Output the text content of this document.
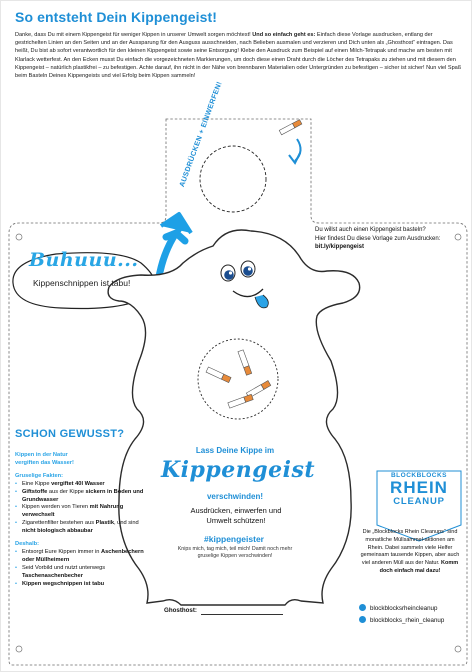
So entsteht Dein Kippengeist!
Danke, dass Du mit einem Kippengeist für weniger Kippen in unserer Umwelt sorgen möchtest! Und so einfach geht es: Einfach diese Vorlage ausdrucken, entlang der gestrichelten Linien an den Seiten und an der Aussparung für den Ausguss ausschneiden, nach Belieben ausmalen und verzieren und Dich unten als „Ghosthost“ eintragen. Das heißt, Du bist ab sofort verantwortlich für den kleinen Kippengeist sowie seine Entsorgung! Klebe den Ausdruck zum Beispiel auf einen Milch-Tetrapak und mache am besten mit Klarlack wetterfest. An den Ecken musst Du einfach die vorgezeichneten Markierungen, um doch diese einen Draht durch die Löcher des Tetrapaks zu ziehen und mit diesem den Kippengeist – natürlich plastikfrei – zu befestigen. Achte darauf, ihn nicht in der Nähe von brennbaren Materialien oder Untergründen zu befestigen – sicher ist sicher! Nun viel Spaß beim Basteln Deines Kippengeists und viel Erfolg beim Kippen sammeln!
AUSDRÜCKEN + EINWERFEN!
Buhuuu...
Kippenschnippen ist tabu!
Du willst auch einen Kippengeist basteln?
Hier findest Du diese Vorlage zum Ausdrucken:
bit.ly/kippengeist
SCHON GEWUSST?
Kippen in der Natur
vergiften das Wasser!
Gruselige Fakten:
• Eine Kippe vergiftet 40l Wasser
• Giftstoffe aus der Kippe sickern in Boden und Grundwasser
• Kippen werden von Tieren mit Nahrung verwechselt
• Zigarettenfilter bestehen aus Plastik, und sind nicht biologisch abbaubar
Deshalb:
• Entsorgt Eure Kippen immer in Aschenbechern oder Müllheimern
• Seid Vorbild und nutzt unterwegs Taschenaschenbecher
• Kippen wegschnippen ist tabu
Lass Deine Kippe im
Kippengeist
verschwinden!
Ausdrücken, einwerfen und Umwelt schützen!
#kippengeister
Knips mich, tag mich, teil mich! Damit noch mehr gruselige Kippen verschwinden!
Ghosthost:
BLOCKBLOCKS
RHEIN
CLEANUP
Die „Blockblocks Rhein Cleanups“ sind monatliche Müllsammel-aktionen am Rhein. Dabei sammeln viele Helfer gemeinsam tausende Kippen, aber auch viel anderen Müll aus der Natur. Komm doch einfach mal dazu!
blockblocksrheincleanup
blockblocks_rhein_cleanup
